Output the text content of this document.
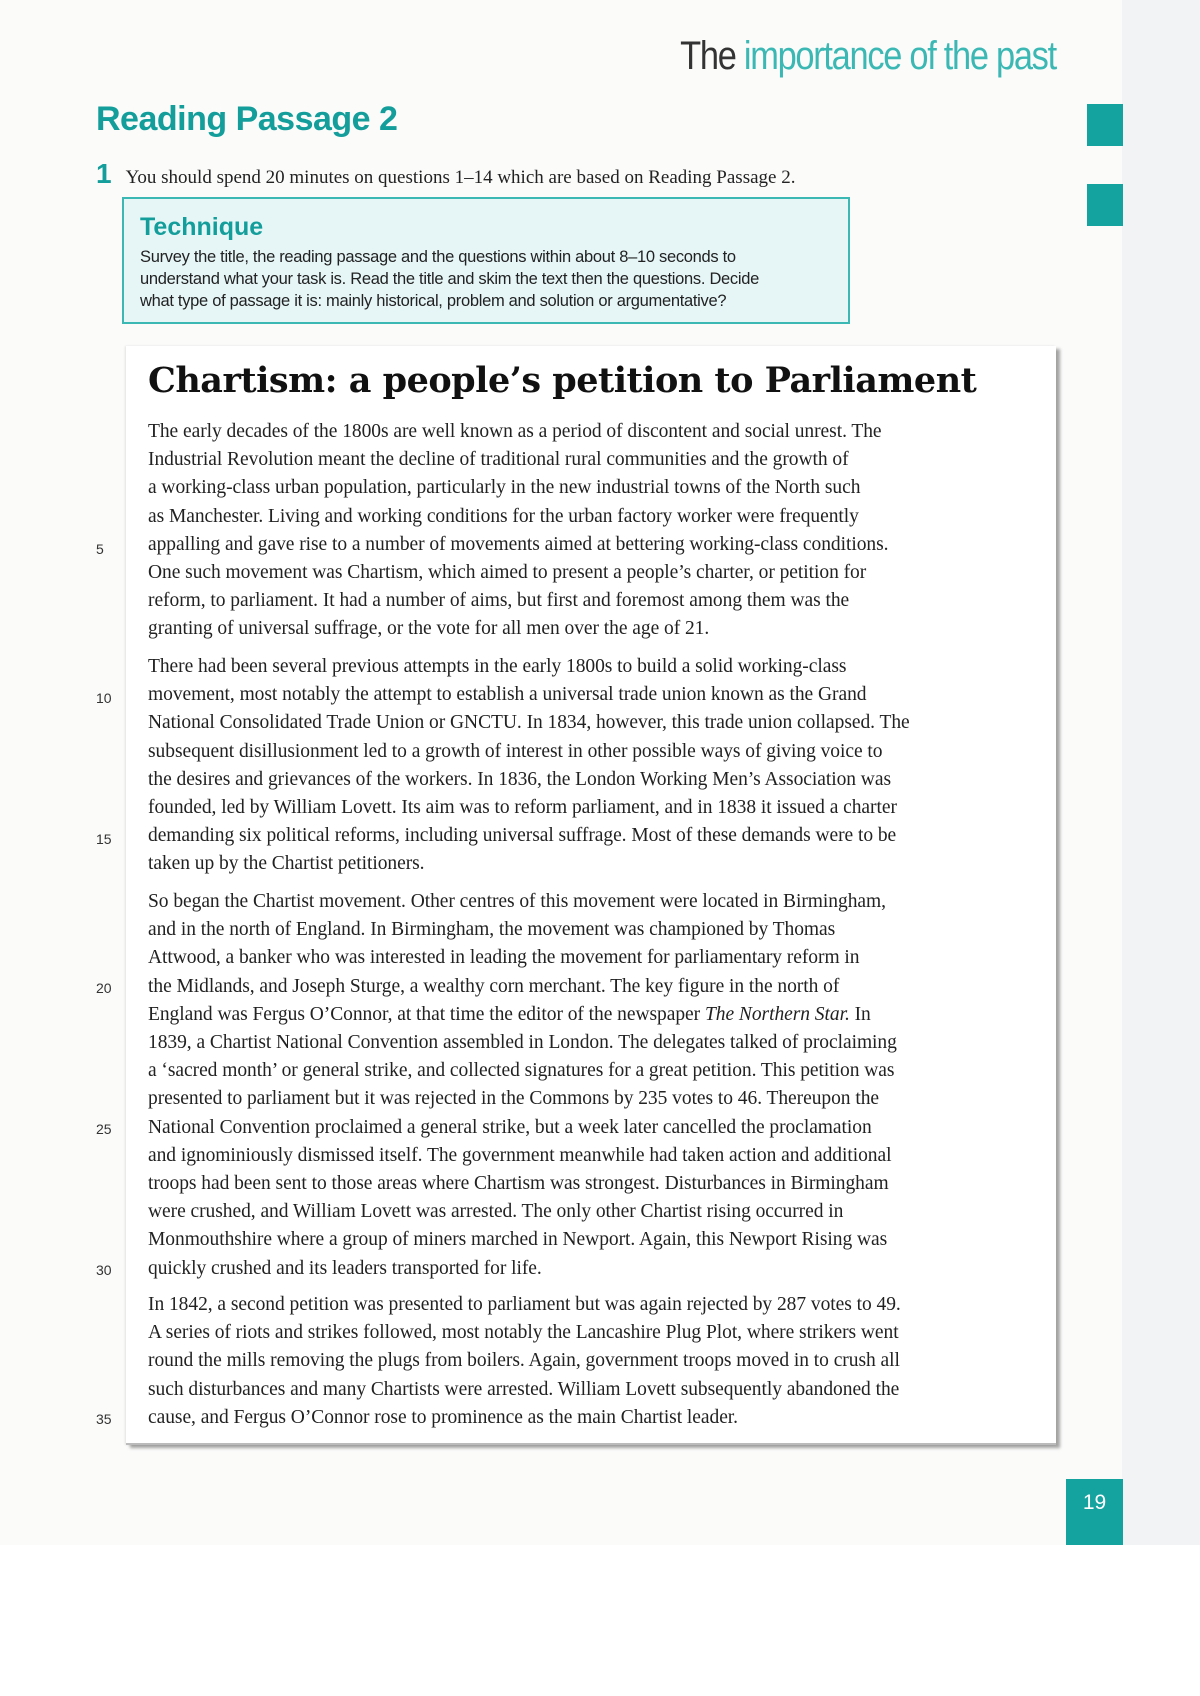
The importance of the past
Reading Passage 2
1 You should spend 20 minutes on questions 1–14 which are based on Reading Passage 2.
Technique
Survey the title, the reading passage and the questions within about 8–10 seconds to
understand what your task is. Read the title and skim the text then the questions. Decide
what type of passage it is: mainly historical, problem and solution or argumentative?
Chartism: a people’s petition to Parliament

The early decades of the 1800s are well known as a period of discontent and social unrest. The
Industrial Revolution meant the decline of traditional rural communities and the growth of
a working-class urban population, particularly in the new industrial towns of the North such
as Manchester. Living and working conditions for the urban factory worker were frequently
appalling and gave rise to a number of movements aimed at bettering working-class conditions.
One such movement was Chartism, which aimed to present a people’s charter, or petition for
reform, to parliament. It had a number of aims, but first and foremost among them was the
granting of universal suffrage, or the vote for all men over the age of 21.

There had been several previous attempts in the early 1800s to build a solid working-class
movement, most notably the attempt to establish a universal trade union known as the Grand
National Consolidated Trade Union or GNCTU. In 1834, however, this trade union collapsed. The
subsequent disillusionment led to a growth of interest in other possible ways of giving voice to
the desires and grievances of the workers. In 1836, the London Working Men’s Association was
founded, led by William Lovett. Its aim was to reform parliament, and in 1838 it issued a charter
demanding six political reforms, including universal suffrage. Most of these demands were to be
taken up by the Chartist petitioners.

So began the Chartist movement. Other centres of this movement were located in Birmingham,
and in the north of England. In Birmingham, the movement was championed by Thomas
Attwood, a banker who was interested in leading the movement for parliamentary reform in
the Midlands, and Joseph Sturge, a wealthy corn merchant. The key figure in the north of
England was Fergus O’Connor, at that time the editor of the newspaper The Northern Star. In
1839, a Chartist National Convention assembled in London. The delegates talked of proclaiming
a ‘sacred month’ or general strike, and collected signatures for a great petition. This petition was
presented to parliament but it was rejected in the Commons by 235 votes to 46. Thereupon the
National Convention proclaimed a general strike, but a week later cancelled the proclamation
and ignominiously dismissed itself. The government meanwhile had taken action and additional
troops had been sent to those areas where Chartism was strongest. Disturbances in Birmingham
were crushed, and William Lovett was arrested. The only other Chartist rising occurred in
Monmouthshire where a group of miners marched in Newport. Again, this Newport Rising was
quickly crushed and its leaders transported for life.

In 1842, a second petition was presented to parliament but was again rejected by 287 votes to 49.
A series of riots and strikes followed, most notably the Lancashire Plug Plot, where strikers went
round the mills removing the plugs from boilers. Again, government troops moved in to crush all
such disturbances and many Chartists were arrested. William Lovett subsequently abandoned the
cause, and Fergus O’Connor rose to prominence as the main Chartist leader.

5
10
15
20
25
30
35
19
